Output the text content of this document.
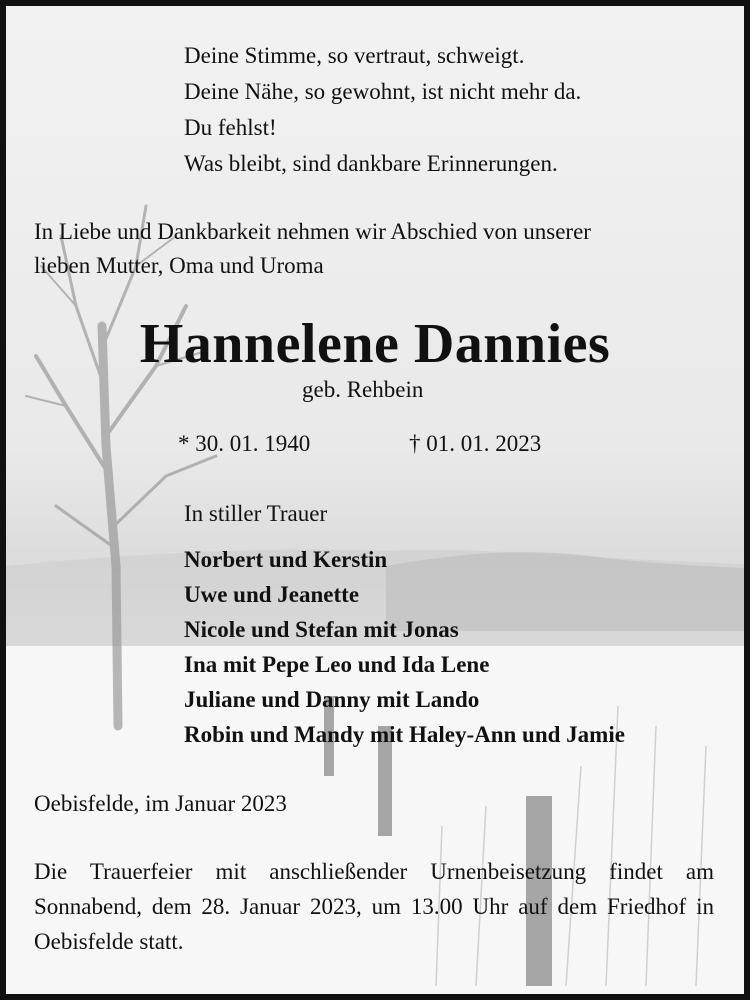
Deine Stimme, so vertraut, schweigt.
Deine Nähe, so gewohnt, ist nicht mehr da.
Du fehlst!
Was bleibt, sind dankbare Erinnerungen.
In Liebe und Dankbarkeit nehmen wir Abschied von unserer
lieben Mutter, Oma und Uroma
Hannelene Dannies
geb. Rehbein
* 30. 01. 1940	† 01. 01. 2023
In stiller Trauer
Norbert und Kerstin
Uwe und Jeanette
Nicole und Stefan mit Jonas
Ina mit Pepe Leo und Ida Lene
Juliane und Danny mit Lando
Robin und Mandy mit Haley-Ann und Jamie
Oebisfelde, im Januar 2023
Die Trauerfeier mit anschließender Urnenbeisetzung findet am Sonnabend, dem 28. Januar 2023, um 13.00 Uhr auf dem Friedhof in Oebisfelde statt.
